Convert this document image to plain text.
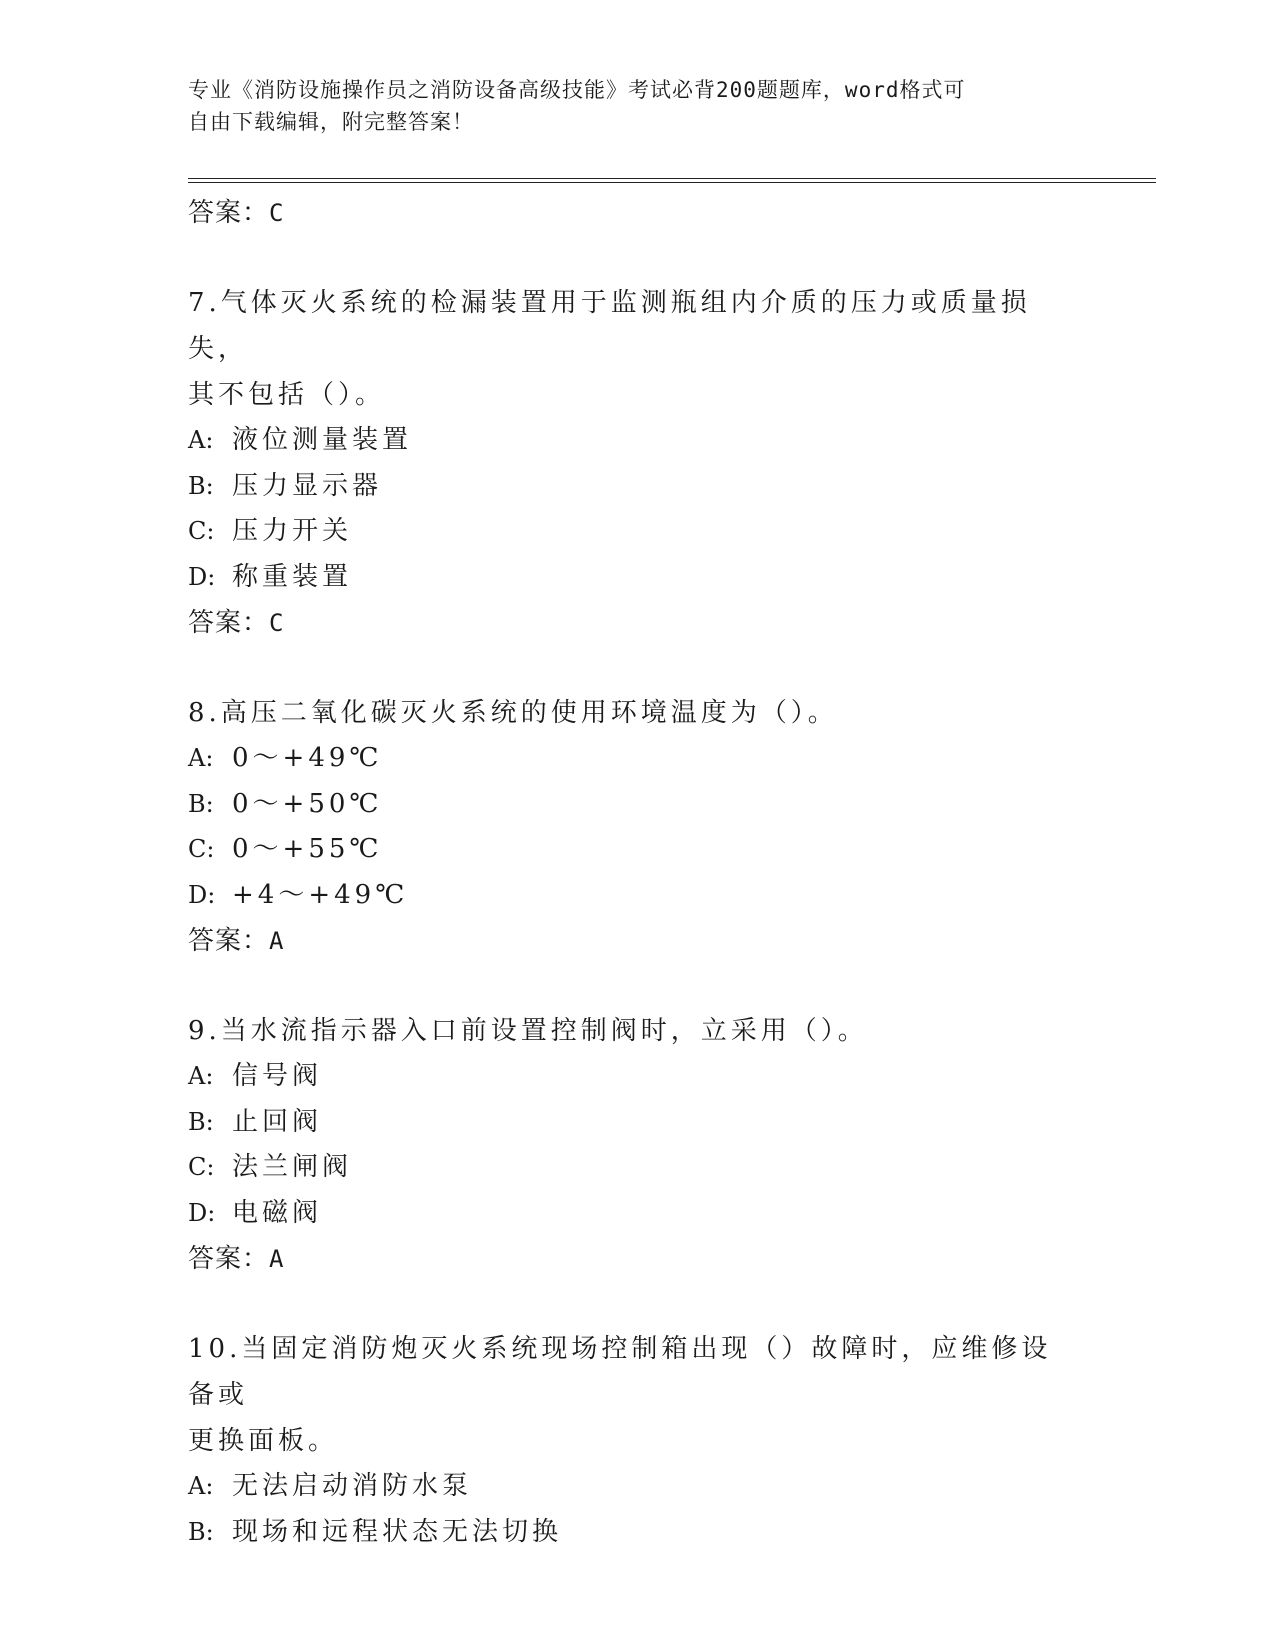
专业《消防设施操作员之消防设备高级技能》考试必背200题题库，word格式可
自由下载编辑，附完整答案！

答案：C

7.气体灭火系统的检漏装置用于监测瓶组内介质的压力或质量损失，
其不包括（）。

A: 液位测量装置

B: 压力显示器

C: 压力开关

D: 称重装置

答案：C

8.高压二氧化碳灭火系统的使用环境温度为（）。

A: 0～+49℃

B: 0～+50℃

C: 0～+55℃

D: +4～+49℃

答案：A

9.当水流指示器入口前设置控制阀时，立采用（）。

A: 信号阀

B: 止回阀

C: 法兰闸阀

D: 电磁阀

答案：A

10.当固定消防炮灭火系统现场控制箱出现（）故障时，应维修设备或
更换面板。

A: 无法启动消防水泵

B: 现场和远程状态无法切换
